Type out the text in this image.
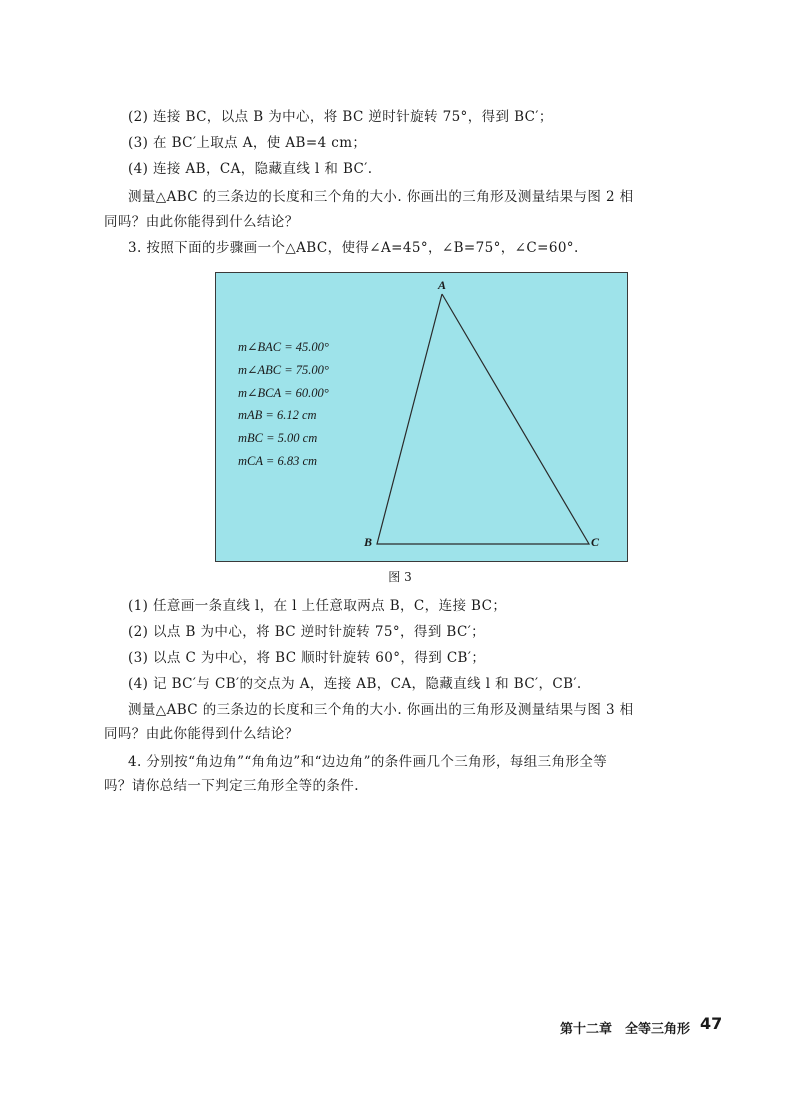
(2) 连接 BC，以点 B 为中心，将 BC 逆时针旋转 75°，得到 BC′；
(3) 在 BC′上取点 A，使 AB=4 cm；
(4) 连接 AB，CA，隐藏直线 l 和 BC′.
测量△ABC 的三条边的长度和三个角的大小. 你画出的三角形及测量结果与图 2 相
同吗？由此你能得到什么结论？
3. 按照下面的步骤画一个△ABC，使得∠A=45°，∠B=75°，∠C=60°.
A
B	C
m∠BAC = 45.00°
m∠ABC = 75.00°
m∠BCA = 60.00°
mAB = 6.12 cm
mBC = 5.00 cm
mCA = 6.83 cm
图 3
(1) 任意画一条直线 l，在 l 上任意取两点 B，C，连接 BC；
(2) 以点 B 为中心，将 BC 逆时针旋转 75°，得到 BC′；
(3) 以点 C 为中心，将 BC 顺时针旋转 60°，得到 CB′；
(4) 记 BC′与 CB′的交点为 A，连接 AB，CA，隐藏直线 l 和 BC′，CB′.
测量△ABC 的三条边的长度和三个角的大小. 你画出的三角形及测量结果与图 3 相
同吗？由此你能得到什么结论？
4. 分别按“角边角”“角角边”和“边边角”的条件画几个三角形，每组三角形全等
吗？请你总结一下判定三角形全等的条件.
第十二章　全等三角形 47
